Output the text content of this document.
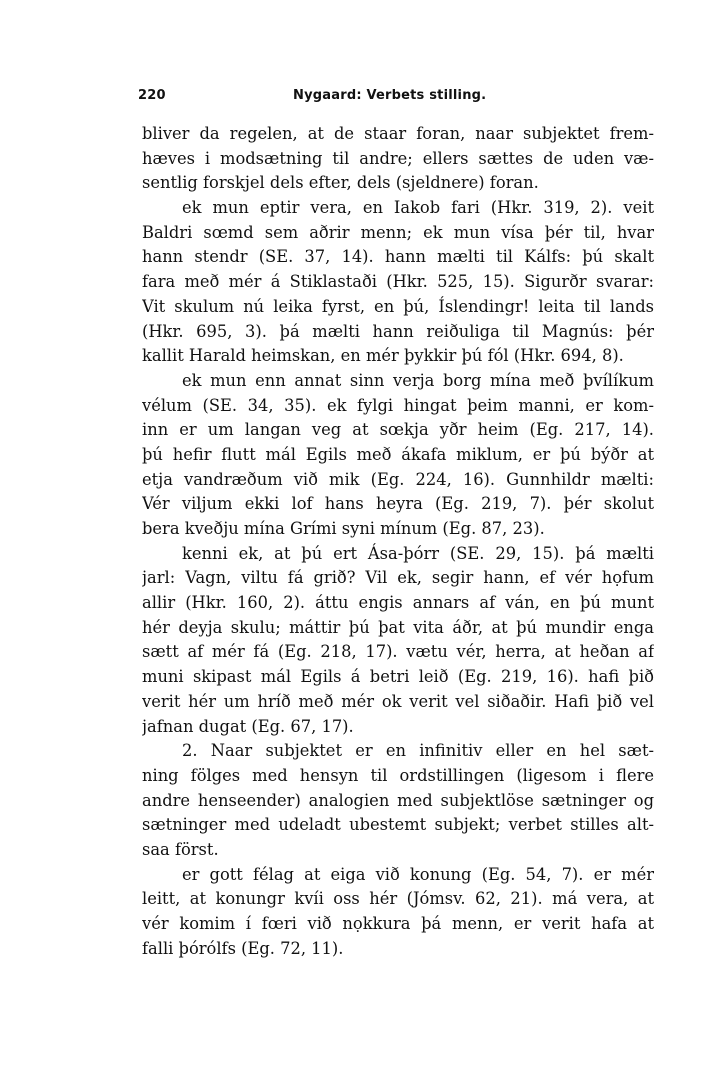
220	Nygaard: Verbets stilling.
bliver da regelen, at de staar foran, naar subjektet frem-
hæves i modsætning til andre; ellers sættes de uden væ-
sentlig forskjel dels efter, dels (sjeldnere) foran.
ek mun eptir vera, en Iakob fari (Hkr. 319, 2). veit
Baldri sœmd sem aðrir menn; ek mun vísa þér til, hvar
hann stendr (SE. 37, 14). hann mælti til Kálfs: þú skalt
fara með mér á Stiklastaði (Hkr. 525, 15). Sigurðr svarar:
Vit skulum nú leika fyrst, en þú, Íslendingr! leita til lands
(Hkr. 695, 3). þá mælti hann reiðuliga til Magnús: þér
kallit Harald heimskan, en mér þykkir þú fól (Hkr. 694, 8).
ek mun enn annat sinn verja borg mína með þvílíkum
vélum (SE. 34, 35). ek fylgi hingat þeim manni, er kom-
inn er um langan veg at sœkja yðr heim (Eg. 217, 14).
þú hefir flutt mál Egils með ákafa miklum, er þú býðr at
etja vandræðum við mik (Eg. 224, 16). Gunnhildr mælti:
Vér viljum ekki lof hans heyra (Eg. 219, 7). þér skolut
bera kveðju mína Grími syni mínum (Eg. 87, 23).
kenni ek, at þú ert Ása-þórr (SE. 29, 15). þá mælti
jarl: Vagn, viltu fá grið? Vil ek, segir hann, ef vér họfum
allir (Hkr. 160, 2). áttu engis annars af ván, en þú munt
hér deyja skulu; máttir þú þat vita áðr, at þú mundir enga
sætt af mér fá (Eg. 218, 17). vætu vér, herra, at heðan af
muni skipast mál Egils á betri leið (Eg. 219, 16). hafi þið
verit hér um hríð með mér ok verit vel siðaðir. Hafi þið vel
jafnan dugat (Eg. 67, 17).
2. Naar subjektet er en infinitiv eller en hel sæt-
ning fölges med hensyn til ordstillingen (ligesom i flere
andre henseender) analogien med subjektlöse sætninger og
sætninger med udeladt ubestemt subjekt; verbet stilles alt-
saa först.
er gott félag at eiga við konung (Eg. 54, 7). er mér
leitt, at konungr kvíi oss hér (Jómsv. 62, 21). má vera, at
vér komim í fœri við nọkkura þá menn, er verit hafa at
falli þórólfs (Eg. 72, 11).
